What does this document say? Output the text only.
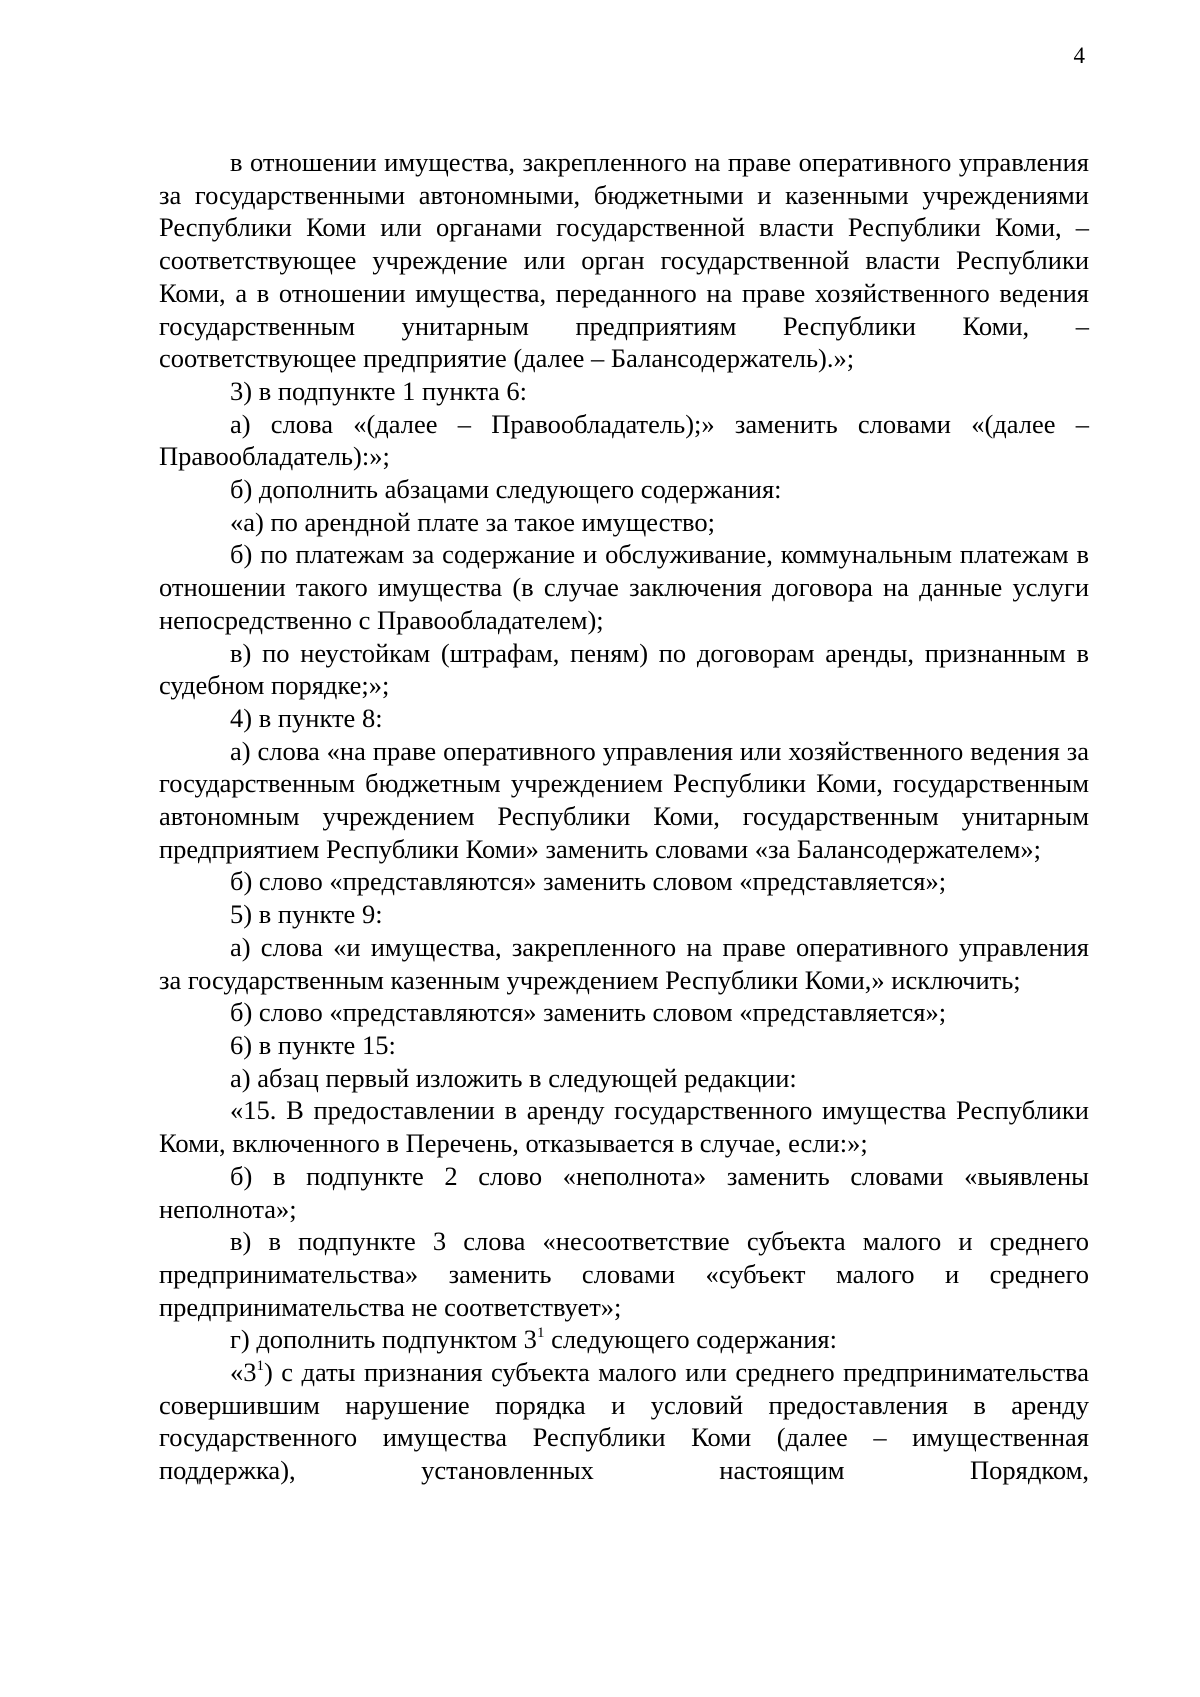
4

в отношении имущества, закрепленного на праве оперативного управления за государственными автономными, бюджетными и казенными учреждениями Республики Коми или органами государственной власти Республики Коми, – соответствующее учреждение или орган государственной власти Республики Коми, а в отношении имущества, переданного на праве хозяйственного ведения государственным унитарным предприятиям Республики Коми, – соответствующее предприятие (далее – Балансодержатель).»;

3) в подпункте 1 пункта 6:

а) слова «(далее – Правообладатель);» заменить словами «(далее – Правообладатель):»;

б) дополнить абзацами следующего содержания:

«а) по арендной плате за такое имущество;

б) по платежам за содержание и обслуживание, коммунальным платежам в отношении такого имущества (в случае заключения договора на данные услуги непосредственно с Правообладателем);

в) по неустойкам (штрафам, пеням) по договорам аренды, признанным в судебном порядке;»;

4) в пункте 8:

а) слова «на праве оперативного управления или хозяйственного ведения за государственным бюджетным учреждением Республики Коми, государственным автономным учреждением Республики Коми, государственным унитарным предприятием Республики Коми» заменить словами «за Балансодержателем»;

б) слово «представляются» заменить словом «представляется»;

5) в пункте 9:

а) слова «и имущества, закрепленного на праве оперативного управления за государственным казенным учреждением Республики Коми,» исключить;

б) слово «представляются» заменить словом «представляется»;

6) в пункте 15:

а) абзац первый изложить в следующей редакции:

«15. В предоставлении в аренду государственного имущества Республики Коми, включенного в Перечень, отказывается в случае, если:»;

б) в подпункте 2 слово «неполнота» заменить словами «выявлены неполнота»;

в) в подпункте 3 слова «несоответствие субъекта малого и среднего предпринимательства» заменить словами «субъект малого и среднего предпринимательства не соответствует»;

г) дополнить подпунктом $3^1$ следующего содержания:

«$3^1$) с даты признания субъекта малого или среднего предпринимательства совершившим нарушение порядка и условий предоставления в аренду государственного имущества Республики Коми (далее – имущественная поддержка), установленных настоящим Порядком,
